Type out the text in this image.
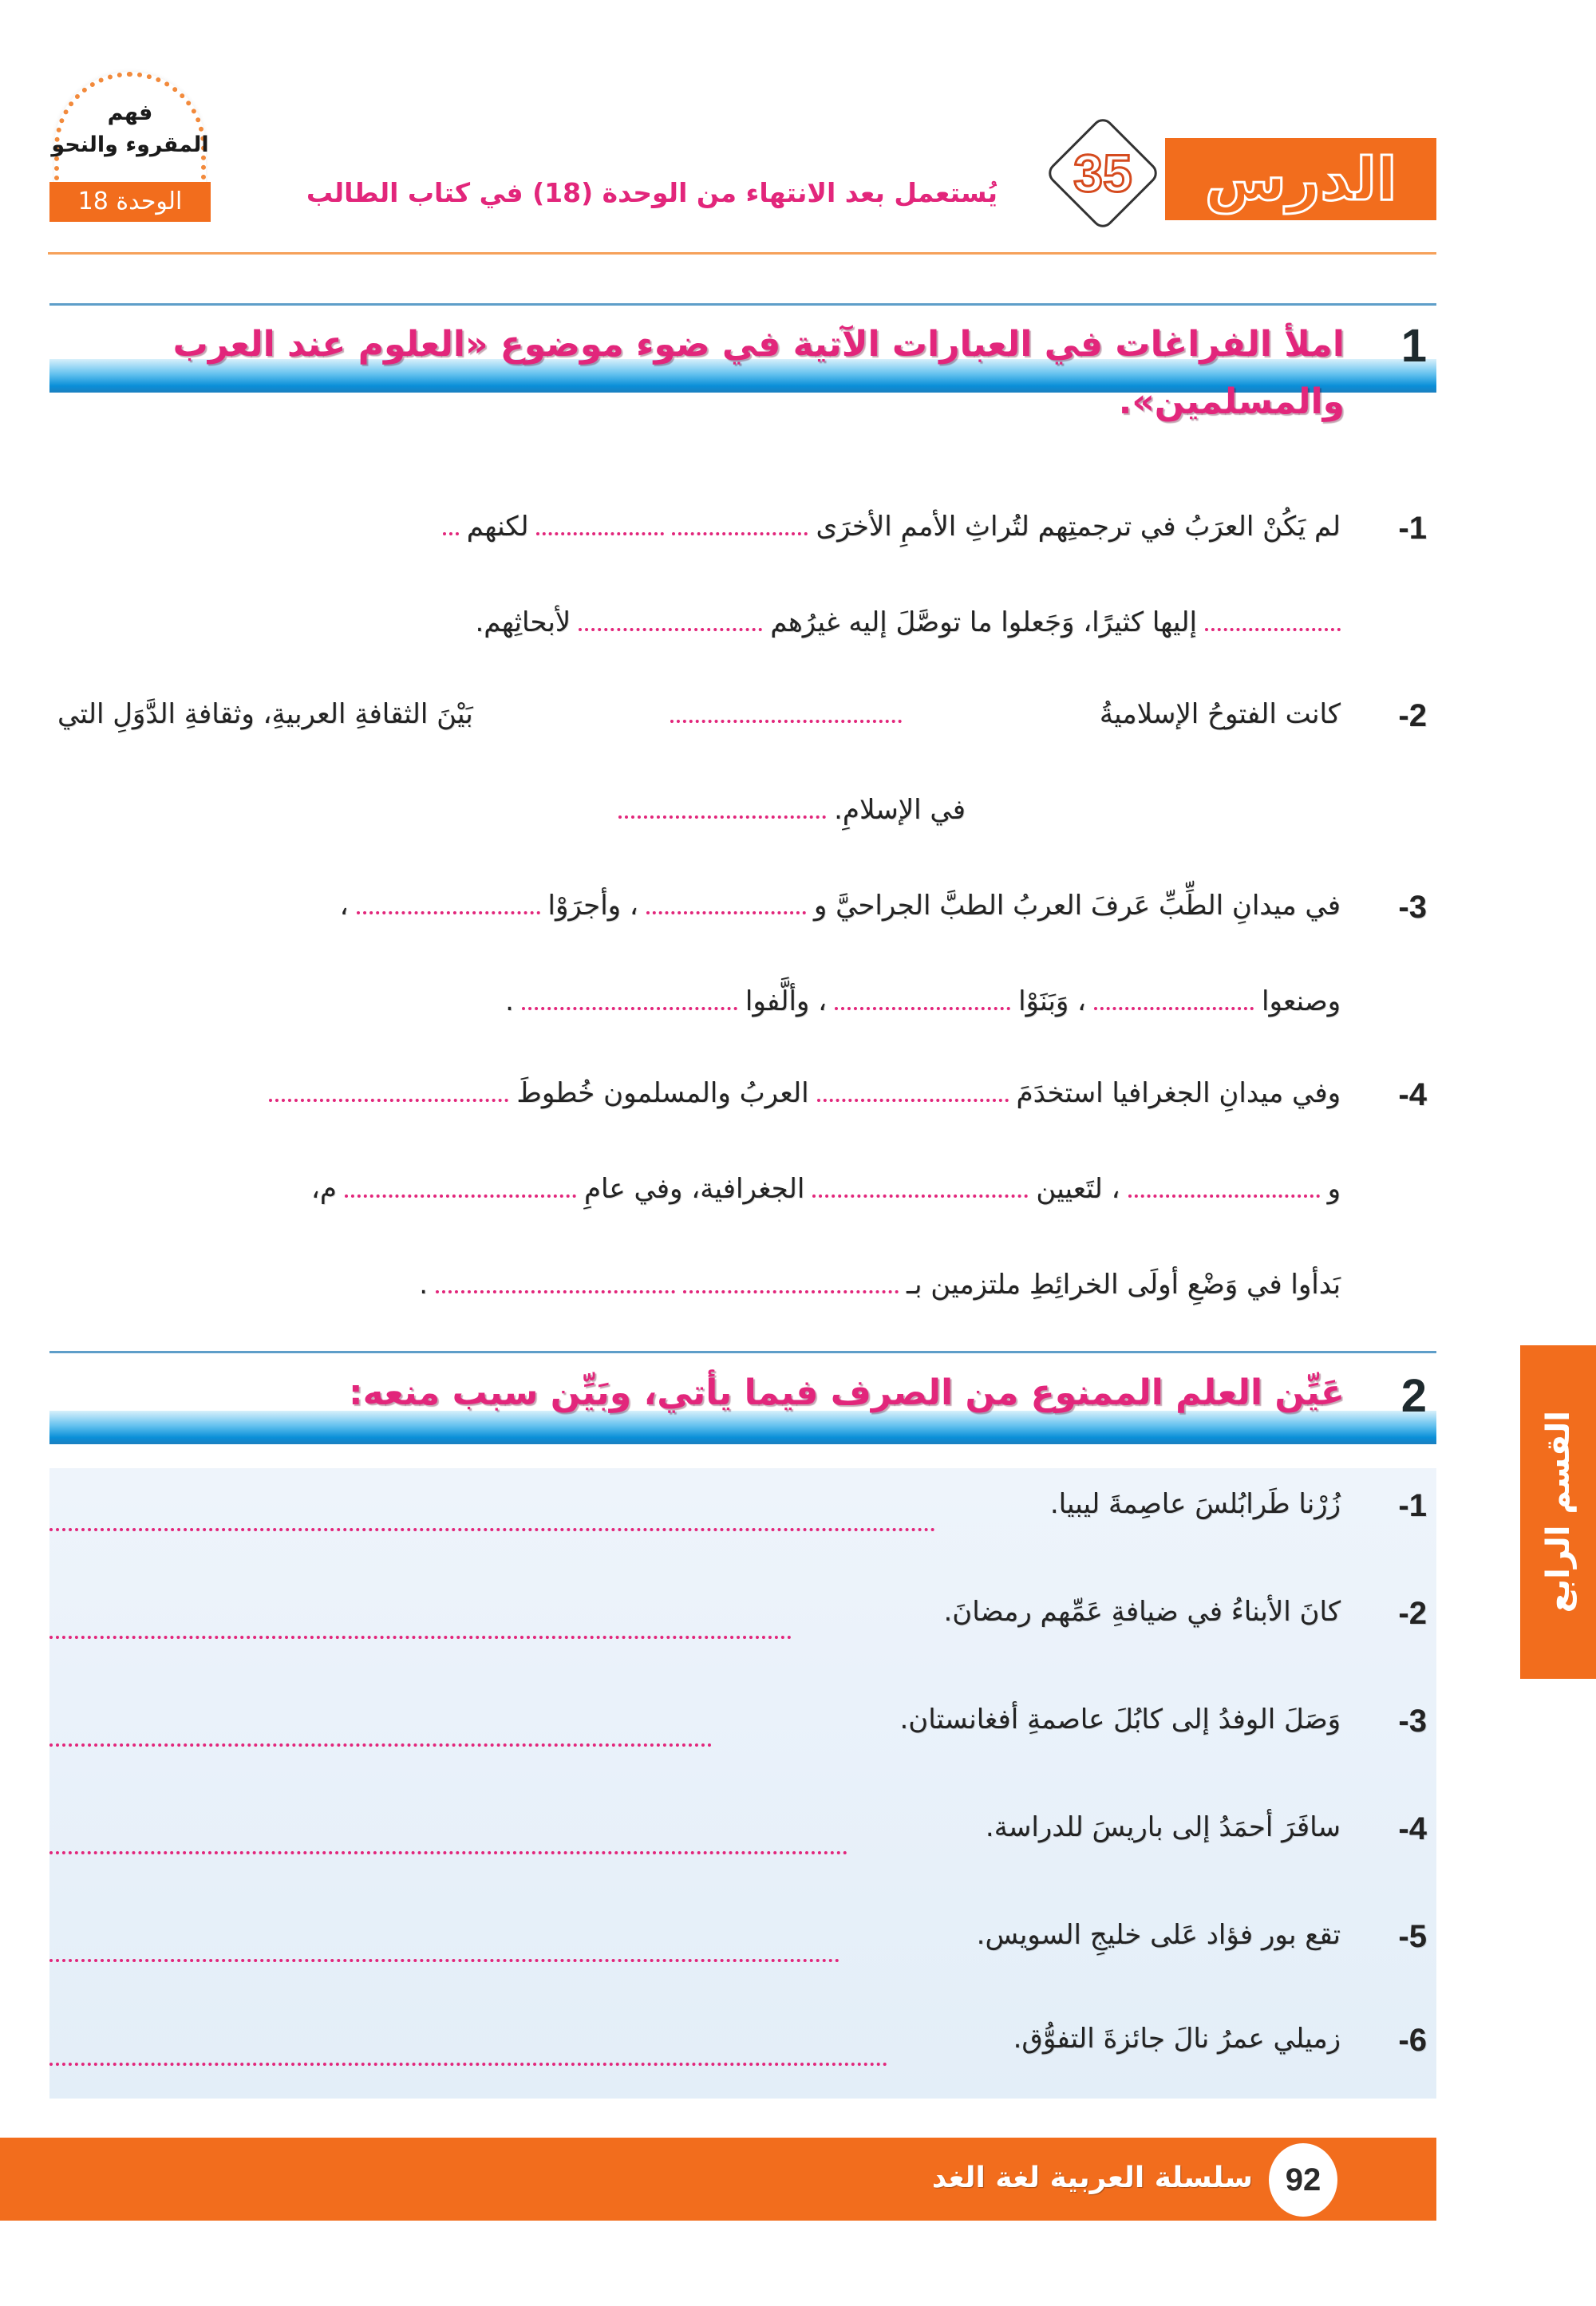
الدرس
35
يُستعمل بعد الانتهاء من الوحدة (18) في كتاب الطالب
فهم
المقروء والنحو
الوحدة 18
1
املأ الفراغات في العبارات الآتية في ضوء موضوع «العلوم عند العرب والمسلمين».
-1
لم يَكُنْ العرَبُ في ترجمتِهم لتُراثِ الأممِ الأخرَى
لكنهم
إليها كثيرًا، وَجَعلوا ما توصَّلَ إليه غيرُهم
لأبحاثِهم.
-2
كانت الفتوحُ الإسلاميةُ
بَيْنَ الثقافةِ العربيةِ، وثقافةِ الدَّوَلِ التي
في الإسلامِ.
-3
في ميدانِ الطِّبِّ عَرفَ العربُ الطبَّ الجراحيَّ و
، وأجرَوْا
،
وصنعوا
، وَبَنَوْا
، وألَّفوا
.
-4
وفي ميدانِ الجغرافيا استخدَمَ
العربُ والمسلمون خُطوطَ
و
، لتَعيين
الجغرافية، وفي عامِ
م،
بَدأوا في وَضْعِ أولَى الخرائِطِ ملتزمين بـ
.
2
عَيِّن العلم الممنوع من الصرف فيما يأتي، وبَيِّن سبب منعه:
-1
زُرْنا طَرابُلسَ عاصِمةَ ليبيا.
-2
كانَ الأبناءُ في ضيافةِ عَمِّهم رمضانَ.
-3
وَصَلَ الوفدُ إلى كابُلَ عاصمةِ أفغانستان.
-4
سافَرَ أحمَدُ إلى باريسَ للدراسة.
-5
تقع بور فؤاد عَلى خليجِ السويس.
-6
زميلي عمرُ نالَ جائزةَ التفوُّق.
القسم الرابع
سلسلة العربية لغة الغد	92
